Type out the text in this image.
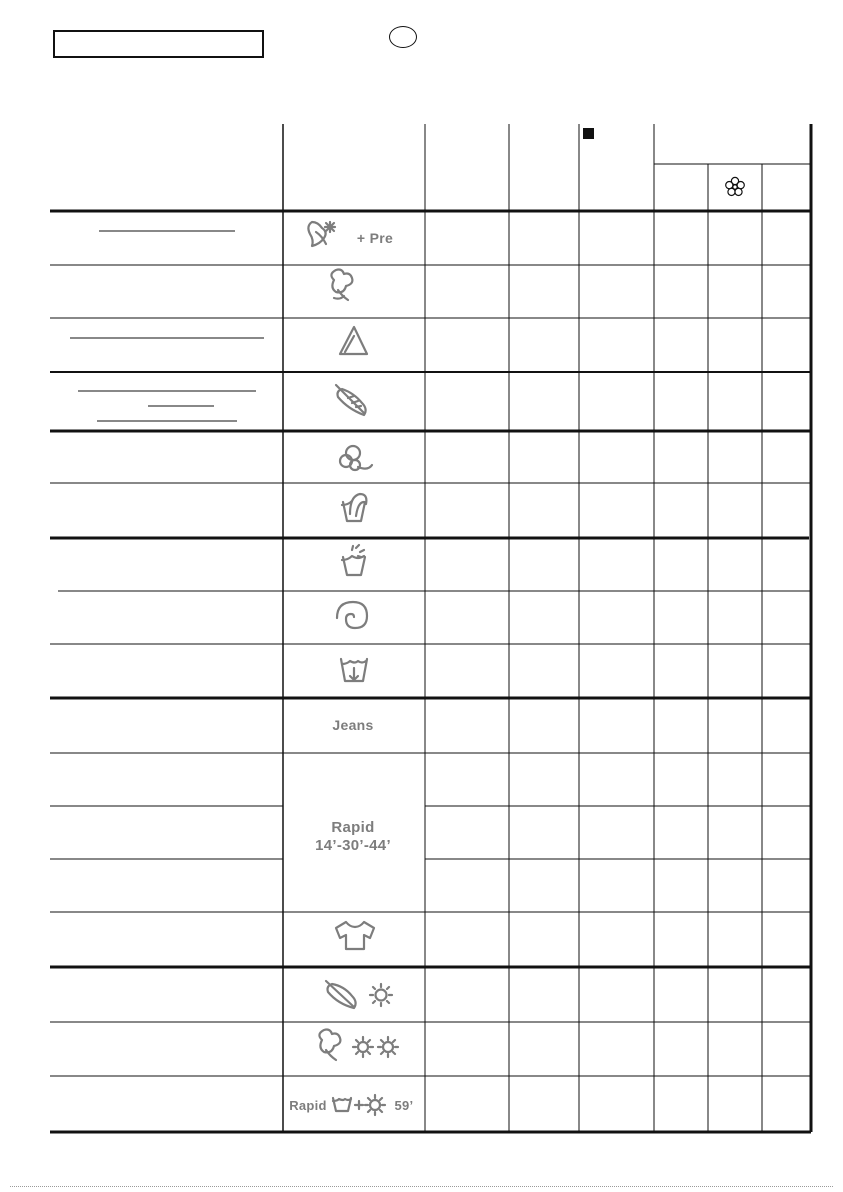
+ Pre
Jeans
Rapid
14’-30’-44’
Rapid	59’
